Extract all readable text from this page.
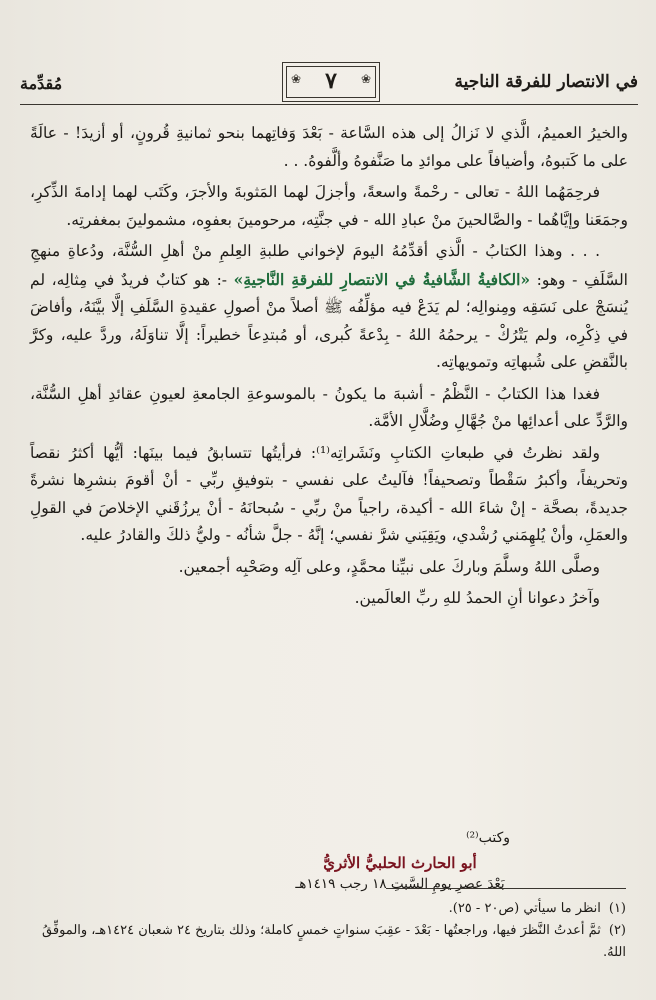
في الانتصار للفرقة الناجية
❀
٧
❀
مُقدِّمة

والخيرُ العميمُ، الَّذي لا نَزالُ إلى هذه السَّاعة - بَعْدَ وَفاتِهما بنحو ثمانيةِ قُرونٍ، أو أزيدَ! - عالَةً على ما كَتبوهُ، وأضيافاً على موائدِ ما صَنَّفوهُ وألَّفوهُ. . .

فرحِمَهُما اللهُ - تعالى - رحْمةً واسعةً، وأجزلَ لهما المَثوبةَ والأجرَ، وكَتَب لهما إدامةَ الذِّكرِ، وجمَعَنا وإيَّاهُما - والصَّالحينَ منْ عبادِ الله - في جنَّتِه، مرحومينَ بعفوِه، مشمولينَ بمغفرتِه.

. . . وهذا الكتابُ - الَّذي أقدِّمُهُ اليومَ لإخواني طلبةِ العِلمِ منْ أهلِ السُّنَّة، ودُعاةِ منهجِ السَّلَفِ - وهو: «الكافيةُ الشَّافيةُ في الانتصارِ للفرقةِ النَّاجيةِ» -: هو كتابٌ فريدٌ في مِثالِه، لم يُنسَجْ على نَسَقِه ومِنوالِه؛ لم يَدَعْ فيه مؤلِّفُه ﷺ أصلاً منْ أصولِ عقيدةِ السَّلَفِ إلَّا بيَّنَهُ، وأفاضَ في ذِكْرِه، ولم يَتْرُكْ - يرحمُهُ اللهُ - بِدْعةً كُبرى، أو مُبتدِعاً خطيراً: إلَّا تناوَلَهُ، وردَّ عليه، وكرَّ بالنَّقضِ على شُبهاتِه وتمويهاتِه.

فغدا هذا الكتابُ - النَّظْمُ - أشبهَ ما يكونُ - بالموسوعةِ الجامعةِ لعيونِ عقائدِ أهلِ السُّنَّة، والرَّدِّ على أعدائِها منْ جُهَّالِ وضُلَّالِ الأمَّة.

ولقد نظرتُ في طبعاتِ الكتابِ ونَشَراتِه⁽¹⁾: فرأيتُها تتسابقُ فيما بينَها: أيُّها أكثرُ نقصاً وتحريفاً، وأكبرُ سَقْطاً وتصحيفاً! فآليتُ على نفسي - بتوفيقِ ربِّي - أنْ أقومَ بنشرِها نشرةً جديدةً، بصحَّة - إنْ شاءَ الله - أكيدة، راجياً منْ ربِّي - سُبحانَهُ - أنْ يرزُقَني الإخلاصَ في القولِ والعمَلِ، وأنْ يُلهِمَني رُشْدي، ويَقِيَني شرَّ نفسي؛ إنَّهُ - جلَّ شأنُه - وليُّ ذلكَ والقادرُ عليه.

وصلَّى اللهُ وسلَّمَ وباركَ على نبيِّنا محمَّدٍ، وعلى آلِه وصَحْبِه أجمعين.

وآخرُ دعوانا أنِ الحمدُ للهِ ربِّ العالَمين.

وكتب⁽²⁾
أبو الحارث الحلبيُّ الأثريُّ
بَعْدَ عصرِ يومِ السَّبتِ ١٨ رجب ١٤١٩هـ

(١)انظر ما سيأتي (ص٢٠ - ٢٥).

(٢)ثمَّ أعدتُ النَّظرَ فيها، وراجعتُها - بَعْدَ - عقِبَ سنواتٍ خمسٍ كاملة؛ وذلك بتاريخ ٢٤ شعبان ١٤٢٤هـ، والموفِّقُ اللهُ.
